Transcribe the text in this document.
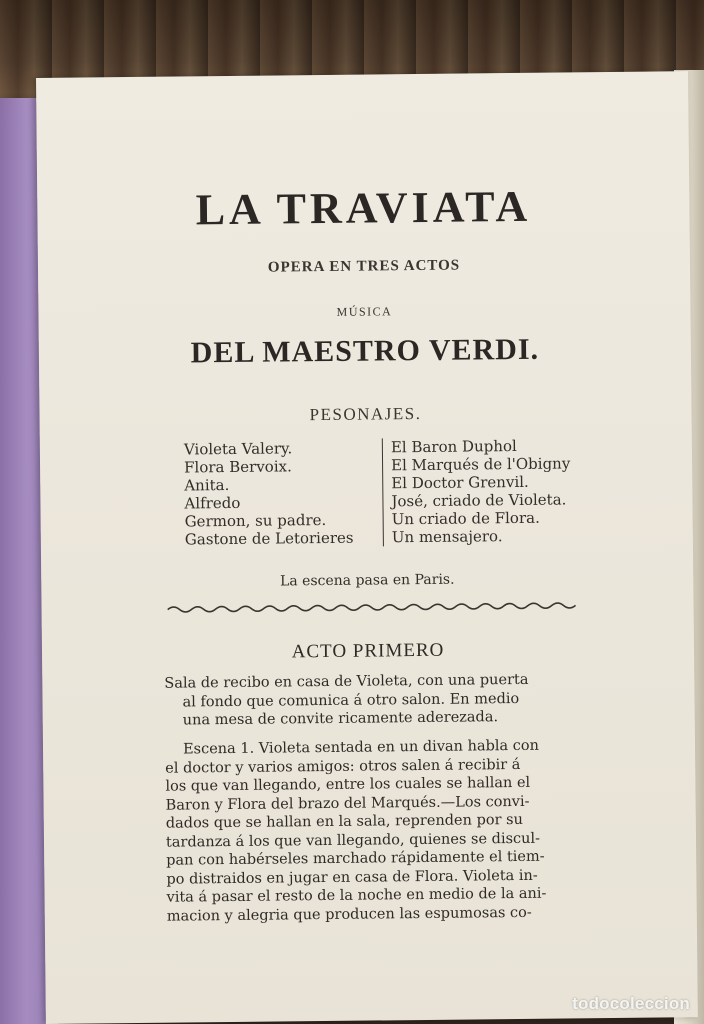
LA TRAVIATA
OPERA EN TRES ACTOS
MÚSICA
DEL MAESTRO VERDI.
PESONAJES.
Violeta Valery.
Flora Bervoix.
Anita.
Alfredo
Germon, su padre.
Gastone de Letorieres
El Baron Duphol
El Marqués de l'Obigny
El Doctor Grenvil.
José, criado de Violeta.
Un criado de Flora.
Un mensajero.
La escena pasa en Paris.
ACTO PRIMERO
Sala de recibo en casa de Violeta, con una puerta
al fondo que comunica á otro salon. En medio
una mesa de convite ricamente aderezada.
Escena 1. Violeta sentada en un divan habla con
el doctor y varios amigos: otros salen á recibir á
los que van llegando, entre los cuales se hallan el
Baron y Flora del brazo del Marqués.—Los convi-
dados que se hallan en la sala, reprenden por su
tardanza á los que van llegando, quienes se discul-
pan con habérseles marchado rápidamente el tiem-
po distraidos en jugar en casa de Flora. Violeta in-
vita á pasar el resto de la noche en medio de la ani-
macion y alegria que producen las espumosas co-
todocoleccion
